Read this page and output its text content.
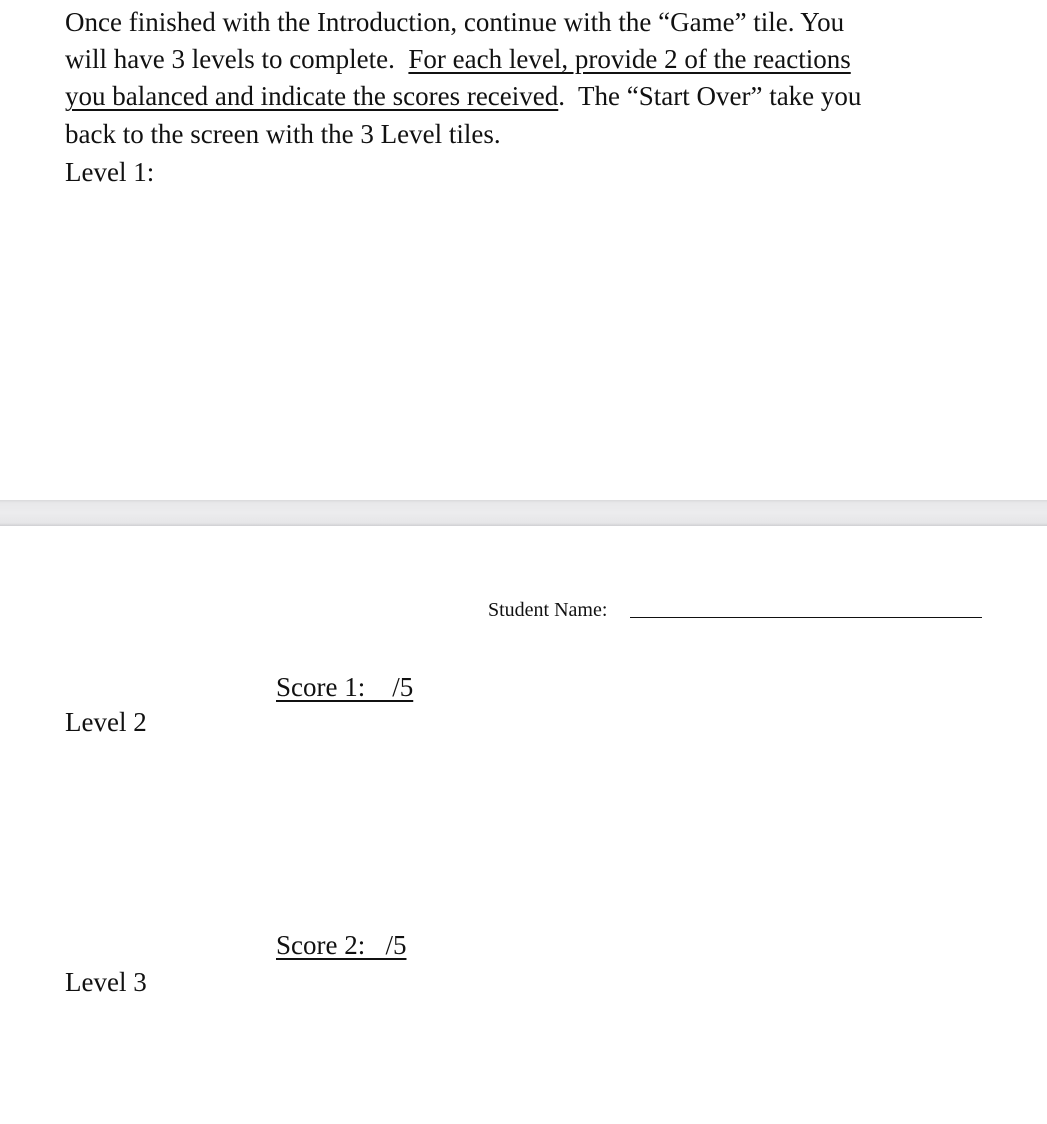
Once finished with the Introduction, continue with the “Game” tile. You
will have 3 levels to complete.  For each level, provide 2 of the reactions
you balanced and indicate the scores received.  The “Start Over” take you
back to the screen with the 3 Level tiles.
Level 1:
Student Name:
Score 1:    /5
Level 2
Score 2:   /5
Level 3
